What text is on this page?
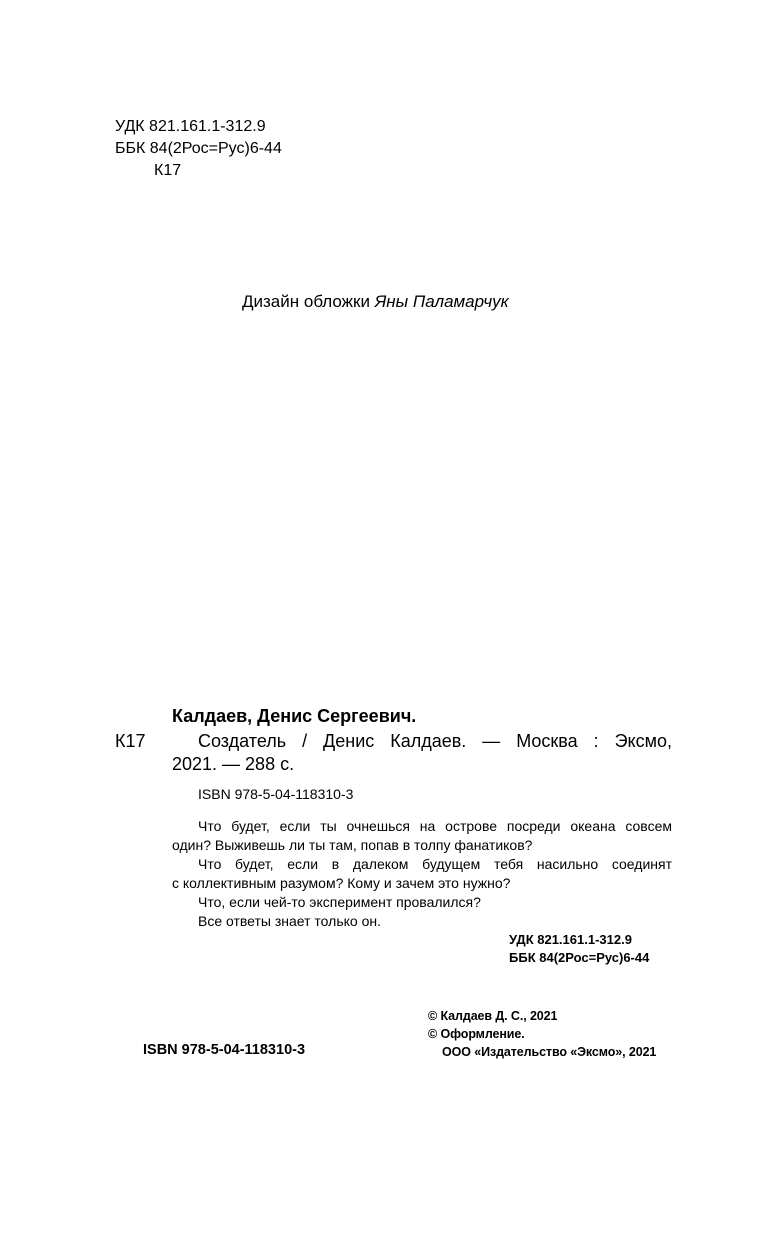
УДК 821.161.1-312.9
ББК 84(2Рос=Рус)6-44
К17
Дизайн обложки Яны Паламарчук
Калдаев, Денис Сергеевич.
К17	Создатель / Денис Калдаев. — Москва : Эксмо,
2021. — 288 с.
ISBN 978-5-04-118310-3
Что будет, если ты очнешься на острове посреди океана совсем
один? Выживешь ли ты там, попав в толпу фанатиков?
Что будет, если в далеком будущем тебя насильно соединят
с коллективным разумом? Кому и зачем это нужно?
Что, если чей-то эксперимент провалился?
Все ответы знает только он.
УДК 821.161.1-312.9
ББК 84(2Рос=Рус)6-44
© Калдаев Д. С., 2021
© Оформление.
ООО «Издательство «Эксмо», 2021
ISBN 978-5-04-118310-3
